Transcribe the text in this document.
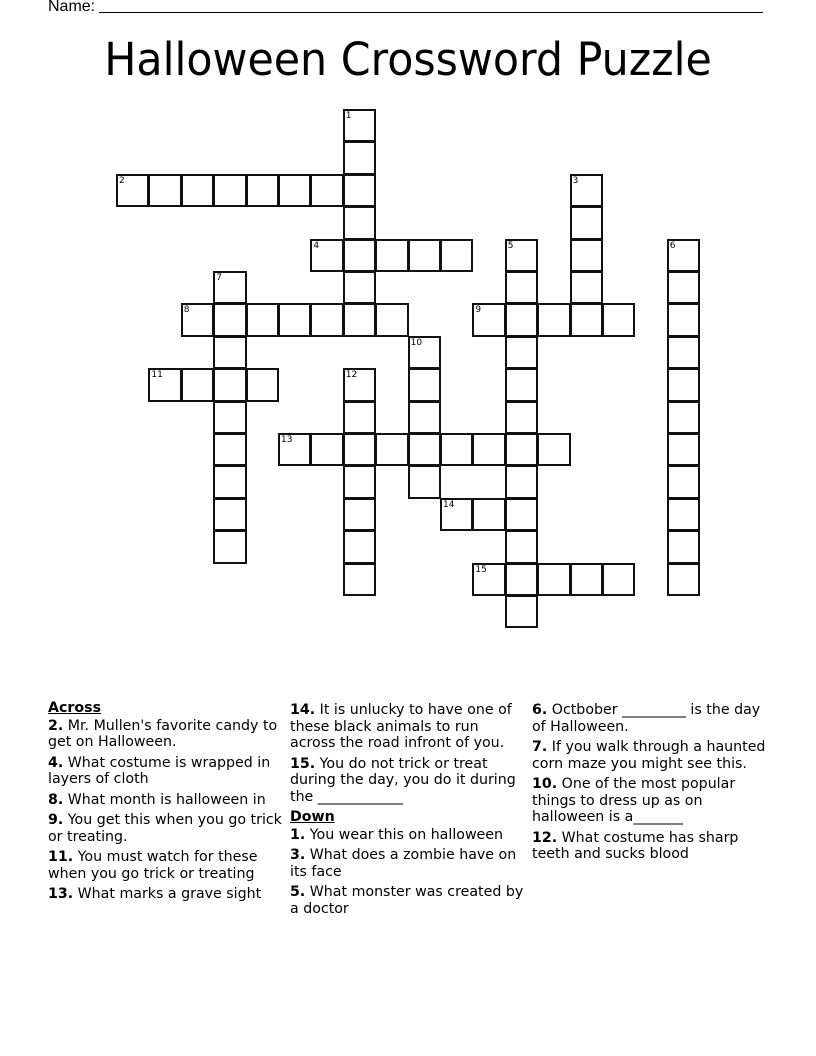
Name:
Halloween Crossword Puzzle
1
2	3
4	5	6
7
8	9
10
11	12
13
14
15
Across
2. Mr. Mullen's favorite candy to get on Halloween.
4. What costume is wrapped in layers of cloth
8. What month is halloween in
9. You get this when you go trick or treating.
11. You must watch for these when you go trick or treating
13. What marks a grave sight
14. It is unlucky to have one of these black animals to run across the road infront of you.
15. You do not trick or treat during the day, you do it during the ____________
Down
1. You wear this on halloween
3. What does a zombie have on its face
5. What monster was created by a doctor
6. Octbober _________ is the day of Halloween.
7. If you walk through a haunted corn maze you might see this.
10. One of the most popular things to dress up as on halloween is a_______
12. What costume has sharp teeth and sucks blood
